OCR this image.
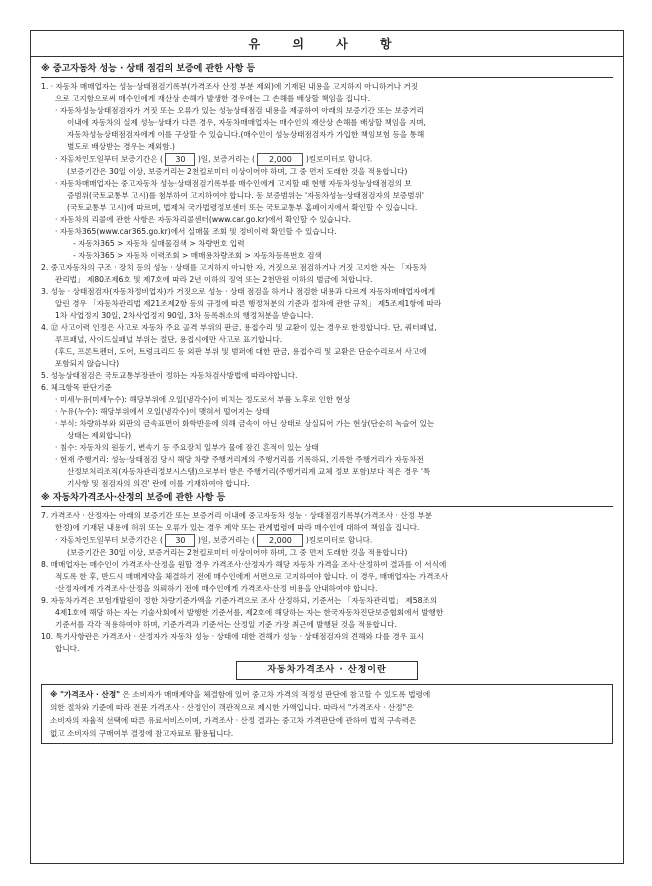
유 의 사 항
※ 중고자동차 성능 · 상태 점검의 보증에 관한 사항 등
1. · 자동차 매매업자는 성능·상태점검기록부(가격조사 산정 부분 제외)에 기재된 내용을 고지하지 아니하거나 거짓
으로 고지함으로써 매수인에게 재산상 손해가 발생한 경우에는 그 손해를 배상할 책임을 집니다.
· 자동차성능상태점검자가 거짓 또는 오류가 있는 성능상태점검 내용을 제공하여 아래의 보증기간 또는 보증거리
이내에 자동차의 실제 성능·상태가 다른 경우, 자동차매매업자는 매수인의 재산상 손해를 배상할 책임을 지며,
자동차성능상태점검자에게 이를 구상할 수 있습니다.(매수인이 성능상태점검자가 가입한 책임보험 등을 통해
별도로 배상받는 경우는 제외함.)
· 자동차인도일부터 보증기간은 ( 30 )일, 보증거리는 ( 2,000 )킬로미터로 합니다.
(보증기간은 30일 이상, 보증거리는 2천킬로미터 이상이어야 하며, 그 중 먼저 도래한 것을 적용합니다)
· 자동차매매업자는 중고자동차 성능·상태점검기록부를 매수인에게 고지할 때 현행 자동차성능상태점검의 보
증범위(국토교통부 고시)를 첨부하여 고지하여야 합니다. 동 보증범위는 '자동차성능·상태점검자의 보증범위'
(국토교통부 고시)에 따르며, 법제처 국가법령정보센터 또는 국토교통부 홈페이지에서 확인할 수 있습니다.
· 자동차의 리콜에 관한 사항은 자동차리콜센터(www.car.go.kr)에서 확인할 수 있습니다.
· 자동차365(www.car365.go.kr)에서 실매물 조회 및 정비이력 확인할 수 있습니다.
- 자동차365 > 자동차 실매물검색 > 차량번호 입력
- 자동차365 > 자동차 이력조회 > 매매용차량조회 > 자동차등록번호 검색
2. 중고자동차의 구조 · 장치 등의 성능 · 상태를 고지하지 아니한 자, 거짓으로 점검하거나 거짓 고지한 자는 「자동차
관리법」 제80조제6호 및 제7호에 따라 2년 이하의 징역 또는 2천만원 이하의 벌금에 처합니다.
3. 성능 · 상태점검자(자동차정비업자)가 거짓으로 성능 · 상태 점검을 하거나 점검한 내용과 다르게 자동차매매업자에게
알린 경우 「자동차관리법 제21조제2항 등의 규정에 따른 행정처분의 기준과 절차에 관한 규칙」 제5조제1항에 따라
1차 사업정지 30일, 2차사업정지 90일, 3차 등록취소의 행정처분을 받습니다.
4. ⑫ 사고이력 인정은 사고로 자동차 주요 골격 부위의 판금, 용접수리 및 교환이 있는 경우로 한정합니다. 단, 쿼터패널,
루프패널, 사이드실패널 부위는 절단, 용접시에만 사고로 표기합니다.
(후드, 프론트펜더, 도어, 트렁크리드 등 외판 부위 및 범퍼에 대한 판금, 용접수리 및 교환은 단순수리로서 사고에
포함되지 않습니다)
5. 성능상태점검은 국토교통부장관이 정하는 자동차검사방법에 따라야합니다.
6. 체크항목 판단기준
· 미세누유(미세누수): 해당부위에 오일(냉각수)이 비치는 정도로서 부품 노후로 인한 현상
· 누유(누수): 해당부위에서 오일(냉각수)이 맺혀서 떨어지는 상태
· 부식: 차량하부와 외판의 금속표면이 화학반응에 의해 금속이 아닌 상태로 상실되어 가는 현상(단순히 녹슬어 있는
상태는 제외합니다)
· 침수: 자동차의 원동기, 변속기 등 주요장치 일부가 물에 잠긴 흔적이 있는 상태
· 현재 주행거리: 성능·상태점검 당시 해당 차량 주행거리계의 주행거리를 기록하되, 기록한 주행거리가 자동차전
산정보처리조직(자동차관리정보시스템)으로부터 받은 주행거리(주행거리계 교체 정보 포함)보다 적은 경우 '특
기사항 및 점검자의 의견' 란에 이를 기재하여야 합니다.
※ 자동차가격조사·산정의 보증에 관한 사항 등
7. 가격조사 · 산정자는 아래의 보증기간 또는 보증거리 이내에 중고자동차 성능 · 상태점검기록부(가격조사 · 산정 부분
한정)에 기재된 내용에 허위 또는 오류가 있는 경우 계약 또는 관계법령에 따라 매수인에 대하여 책임을 집니다.
· 자동차인도일부터 보증기간은 ( 30 )일, 보증거리는 ( 2,000 )킬로미터로 합니다.
(보증기간은 30일 이상, 보증거리는 2천킬로미터 이상이어야 하며, 그 중 먼저 도래한 것을 적용합니다)
8. 매매업자는 매수인이 가격조사·산정을 원할 경우 가격조사·산정자가 해당 자동차 가격을 조사·산정하여 결과를 이 서식에
적도록 한 후, 반드시 매매계약을 체결하기 전에 매수인에게 서면으로 고지하여야 합니다. 이 경우, 매매업자는 가격조사
·산정자에게 가격조사·산정을 의뢰하기 전에 매수인에게 가격조사·산정 비용을 안내하여야 합니다.
9. 자동차가격은 보험개발원이 정한 차량기준가액을 기준가격으로 조사 산정하되, 기준서는 「자동차관리법」 제58조의
4제1호에 해당 하는 자는 기술사회에서 발행한 기준서를, 제2호에 해당하는 자는 한국자동차진단보증협회에서 발행한
기준서를 각각 적용하여야 하며, 기준가격과 기준서는 산정일 기준 가장 최근에 발행된 것을 적용합니다.
10. 특기사항란은 가격조사 · 산정자가 자동차 성능 · 상태에 대한 견해가 성능 · 상태점검자의 견해와 다를 경우 표시
합니다.
자동차가격조사 · 산정이란
※ "가격조사 · 산정" 은 소비자가 매매계약을 체결함에 있어 중고차 가격의 적정성 판단에 참고할 수 있도록 법령에
의한 절차와 기준에 따라 전문 가격조사 · 산정인이 객관적으로 제시한 가액입니다. 따라서 "가격조사 · 산정"은
소비자의 자율적 선택에 따른 유료서비스이며, 가격조사 · 산정 결과는 중고차 가격판단에 관하여 법적 구속력은
없고 소비자의 구매여부 결정에 참고자료로 활용됩니다.
